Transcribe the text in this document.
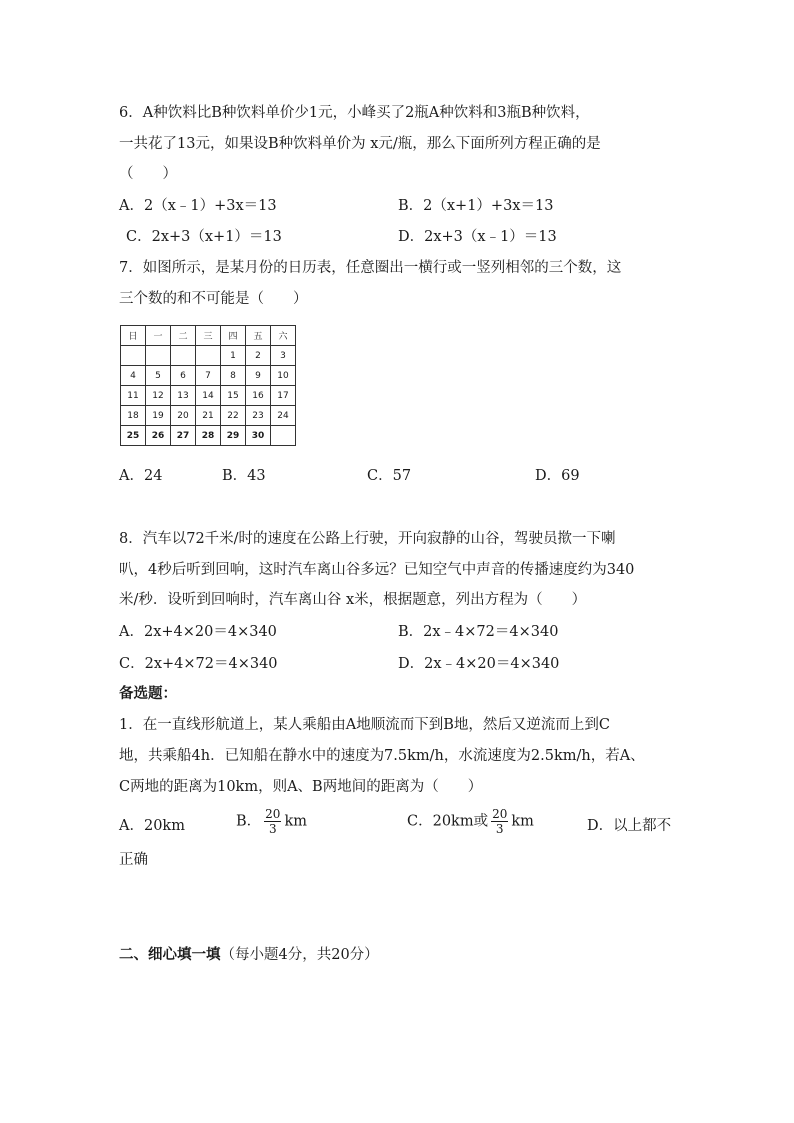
6．A种饮料比B种饮料单价少1元，小峰买了2瓶A种饮料和3瓶B种饮料，
一共花了13元，如果设B种饮料单价为 x元/瓶，那么下面所列方程正确的是
（　　）
A．2（x﹣1）+3x＝13	B．2（x+1）+3x＝13
C．2x+3（x+1）＝13	D．2x+3（x﹣1）＝13
7．如图所示，是某月份的日历表，任意圈出一横行或一竖列相邻的三个数，这
三个数的和不可能是（　　）
日	一	二	三	四	五	六
				1	2	3
4	5	6	7	8	9	10
11	12	13	14	15	16	17
18	19	20	21	22	23	24
25	26	27	28	29	30	
A．24	B．43	C．57	D．69
8．汽车以72千米/时的速度在公路上行驶，开向寂静的山谷，驾驶员揿一下喇
叭，4秒后听到回响，这时汽车离山谷多远？已知空气中声音的传播速度约为340
米/秒．设听到回响时，汽车离山谷 x米，根据题意，列出方程为（　　）
A．2x+4×20＝4×340	B．2x﹣4×72＝4×340
C．2x+4×72＝4×340	D．2x﹣4×20＝4×340
备选题：
1．在一直线形航道上，某人乘船由A地顺流而下到B地，然后又逆流而上到C
地，共乘船4h．已知船在静水中的速度为7.5km/h，水流速度为2.5km/h，若A、
C两地的距离为10km，则A、B两地间的距离为（　　）
A．20km	B． $\frac{20}{3}$ km	C．20km或 $\frac{20}{3}$ km	D．以上都不
正确
二、细心填一填（每小题4分，共20分）
